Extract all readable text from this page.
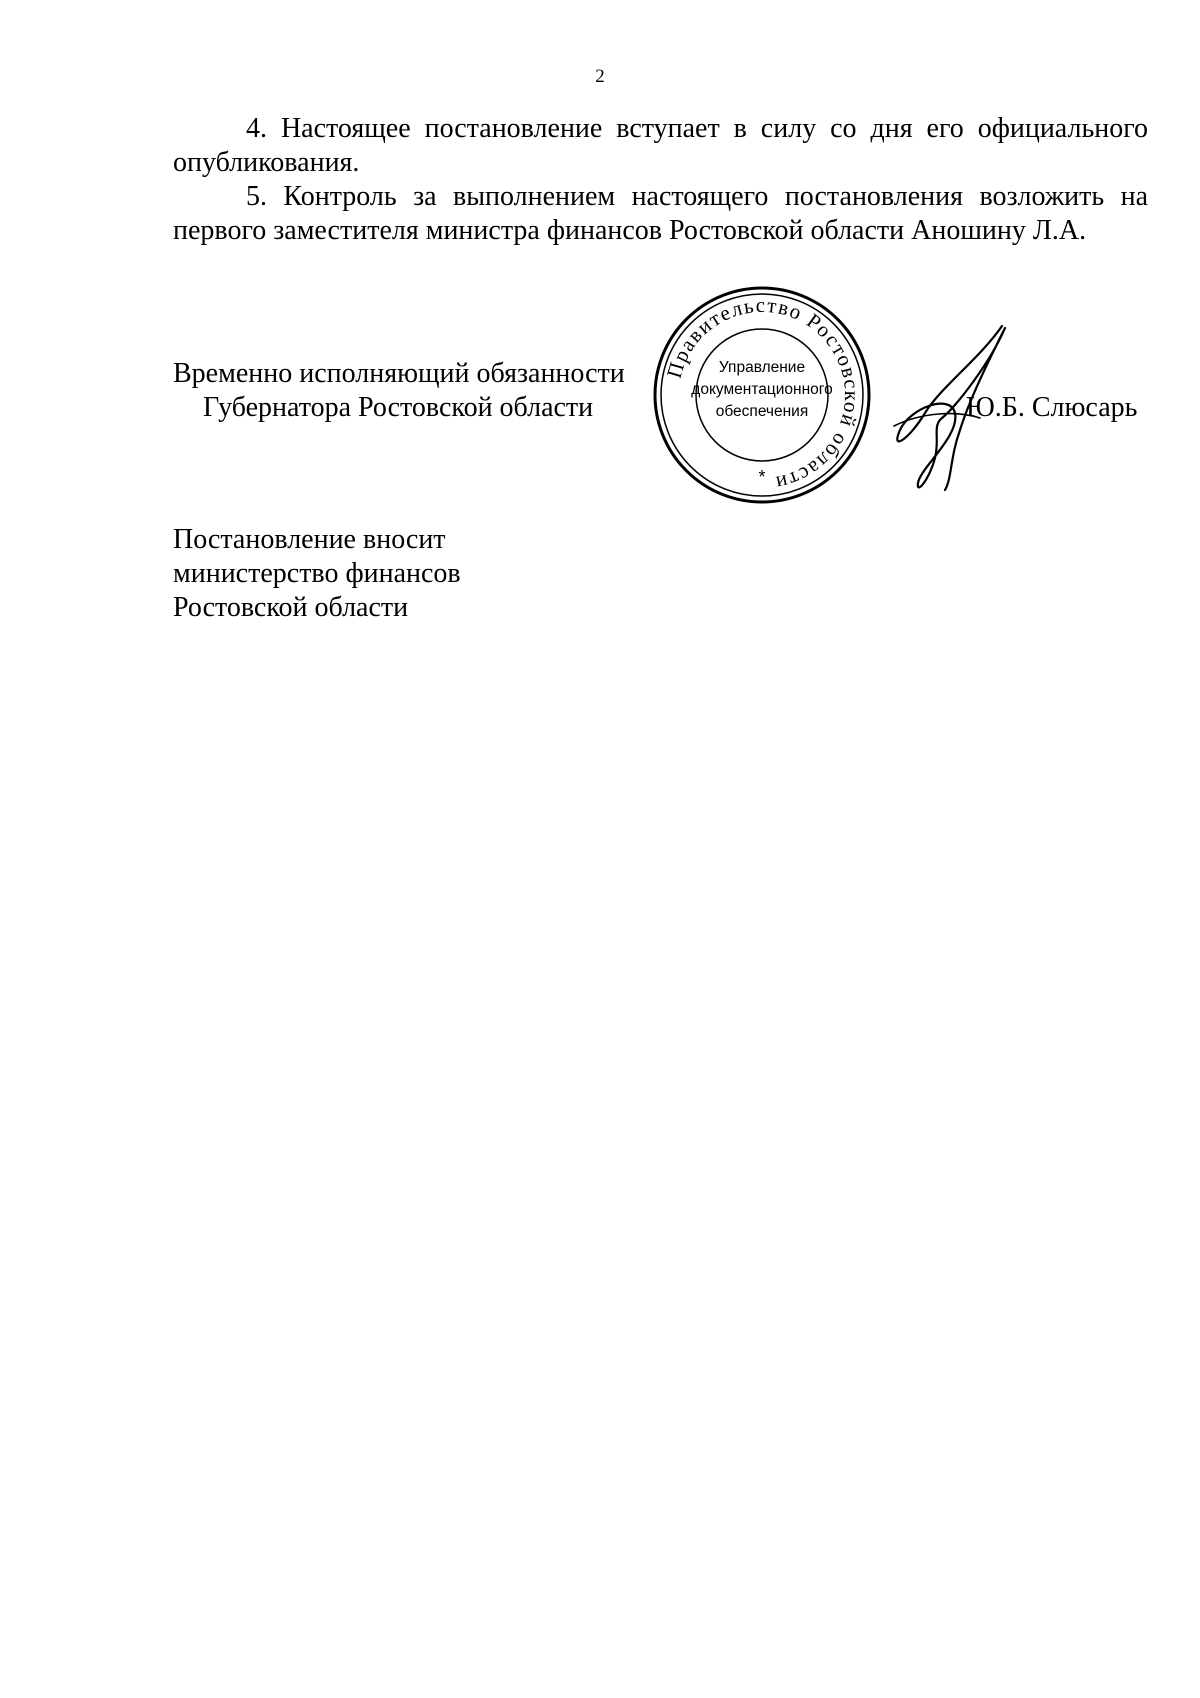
2

4. Настоящее постановление вступает в силу со дня его официального опубликования.

5. Контроль за выполнением настоящего постановления возложить на первого заместителя министра финансов Ростовской области Аношину Л.А.

Временно исполняющий обязанности
Губернатора Ростовской области
Правительство Ростовской области
*
Управление
документационного
обеспечения	Ю.Б. Слюсарь
Постановление вносит
министерство финансов
Ростовской области
